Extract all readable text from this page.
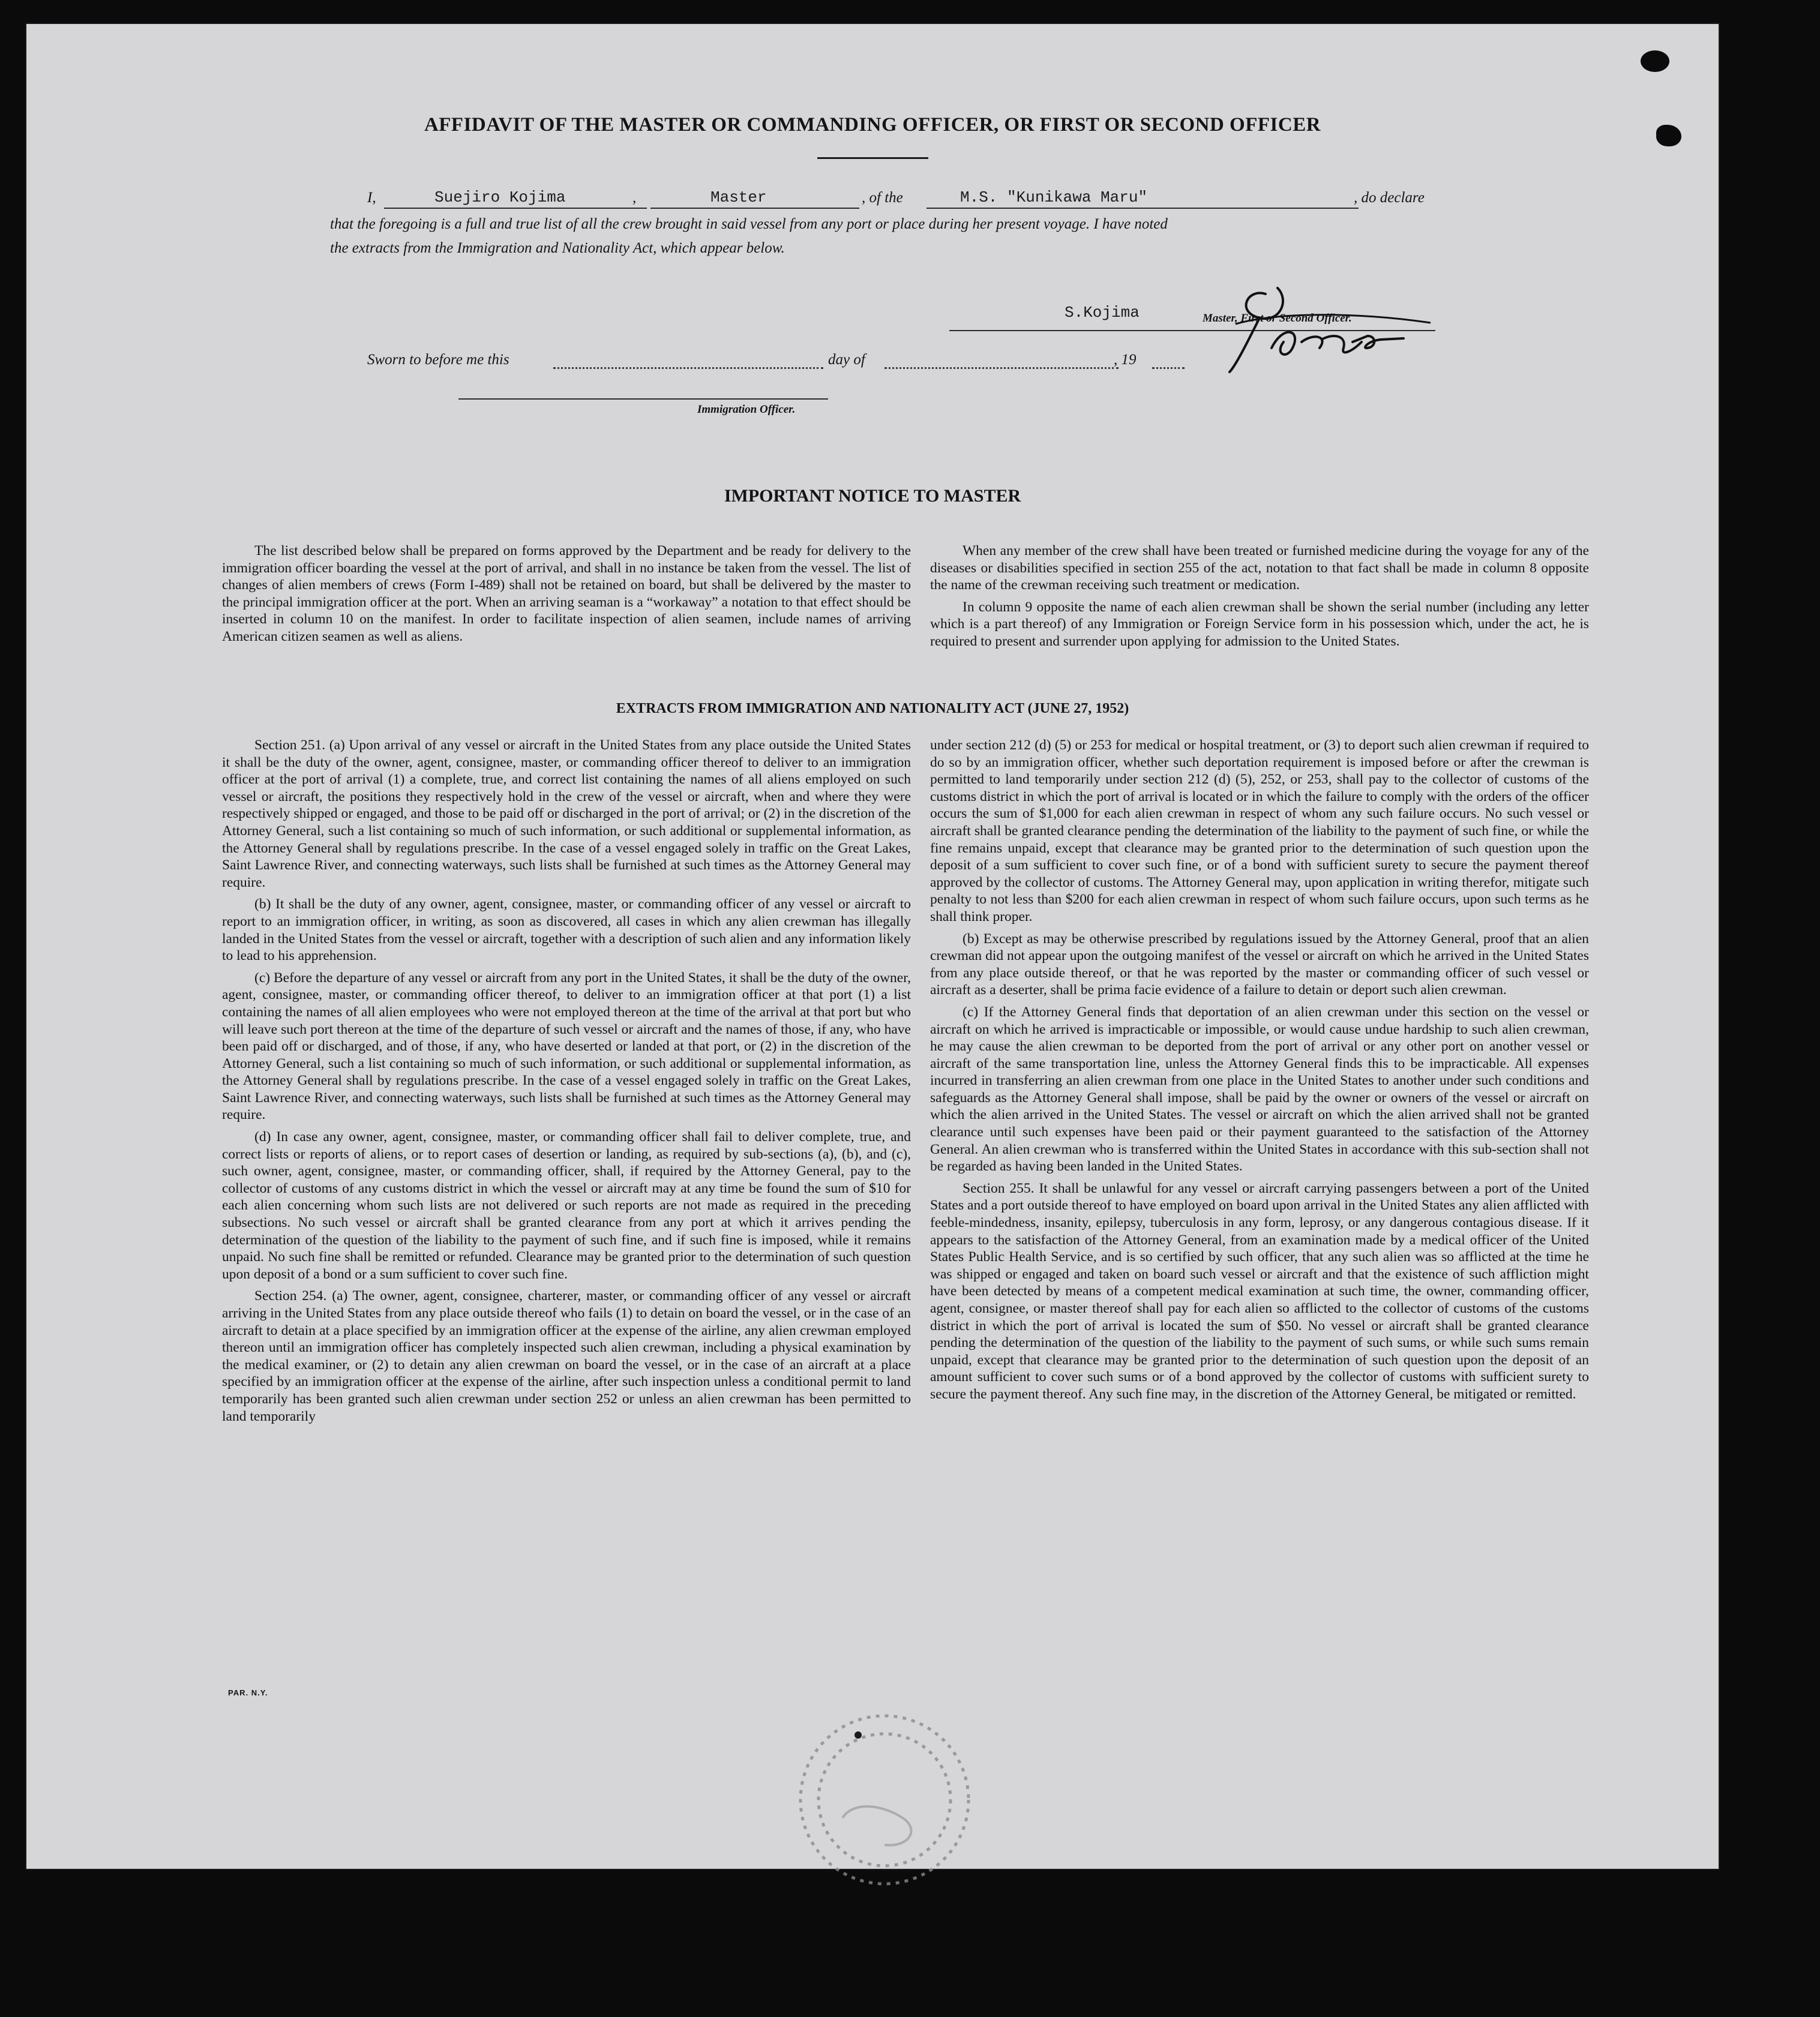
AFFIDAVIT OF THE MASTER OR COMMANDING OFFICER, OR FIRST OR SECOND OFFICER
I,	Suejiro Kojima	,	Master	, of the	M.S. "Kunikawa Maru"	, do declare
that the foregoing is a full and true list of all the crew brought in said vessel from any port or place during her present voyage. I have noted
the extracts from the Immigration and Nationality Act, which appear below.
S.Kojima	Master, First or Second Officer.
Sworn to before me this	day of	, 19
Immigration Officer.
IMPORTANT NOTICE TO MASTER

The list described below shall be prepared on forms approved by the Department and be ready for delivery to the immigration officer boarding the vessel at the port of arrival, and shall in no instance be taken from the vessel. The list of changes of alien members of crews (Form I-489) shall not be retained on board, but shall be delivered by the master to the principal immigration officer at the port. When an arriving seaman is a “workaway” a notation to that effect should be inserted in column 10 on the manifest. In order to facilitate inspection of alien seamen, include names of arriving American citizen seamen as well as aliens.

When any member of the crew shall have been treated or furnished medicine during the voyage for any of the diseases or disabilities specified in section 255 of the act, notation to that fact shall be made in column 8 opposite the name of the crewman receiving such treatment or medication.

In column 9 opposite the name of each alien crewman shall be shown the serial number (including any letter which is a part thereof) of any Immigration or Foreign Service form in his possession which, under the act, he is required to present and surrender upon applying for admission to the United States.

EXTRACTS FROM IMMIGRATION AND NATIONALITY ACT (JUNE 27, 1952)

Section 251. (a) Upon arrival of any vessel or aircraft in the United States from any place outside the United States it shall be the duty of the owner, agent, consignee, master, or commanding officer thereof to deliver to an immigration officer at the port of arrival (1) a complete, true, and correct list containing the names of all aliens employed on such vessel or aircraft, the positions they respectively hold in the crew of the vessel or aircraft, when and where they were respectively shipped or engaged, and those to be paid off or discharged in the port of arrival; or (2) in the discretion of the Attorney General, such a list containing so much of such information, or such additional or supplemental information, as the Attorney General shall by regulations prescribe. In the case of a vessel engaged solely in traffic on the Great Lakes, Saint Lawrence River, and connecting waterways, such lists shall be furnished at such times as the Attorney General may require.

(b) It shall be the duty of any owner, agent, consignee, master, or commanding officer of any vessel or aircraft to report to an immigration officer, in writing, as soon as discovered, all cases in which any alien crewman has illegally landed in the United States from the vessel or aircraft, together with a description of such alien and any information likely to lead to his apprehension.

(c) Before the departure of any vessel or aircraft from any port in the United States, it shall be the duty of the owner, agent, consignee, master, or commanding officer thereof, to deliver to an immigration officer at that port (1) a list containing the names of all alien employees who were not employed thereon at the time of the arrival at that port but who will leave such port thereon at the time of the departure of such vessel or aircraft and the names of those, if any, who have been paid off or discharged, and of those, if any, who have deserted or landed at that port, or (2) in the discretion of the Attorney General, such a list containing so much of such information, or such additional or supplemental information, as the Attorney General shall by regulations prescribe. In the case of a vessel engaged solely in traffic on the Great Lakes, Saint Lawrence River, and connecting waterways, such lists shall be furnished at such times as the Attorney General may require.

(d) In case any owner, agent, consignee, master, or commanding officer shall fail to deliver complete, true, and correct lists or reports of aliens, or to report cases of desertion or landing, as required by sub-sections (a), (b), and (c), such owner, agent, consignee, master, or commanding officer, shall, if required by the Attorney General, pay to the collector of customs of any customs district in which the vessel or aircraft may at any time be found the sum of $10 for each alien concerning whom such lists are not delivered or such reports are not made as required in the preceding subsections. No such vessel or aircraft shall be granted clearance from any port at which it arrives pending the determination of the question of the liability to the payment of such fine, and if such fine is imposed, while it remains unpaid. No such fine shall be remitted or refunded. Clearance may be granted prior to the determination of such question upon deposit of a bond or a sum sufficient to cover such fine.

Section 254. (a) The owner, agent, consignee, charterer, master, or commanding officer of any vessel or aircraft arriving in the United States from any place outside thereof who fails (1) to detain on board the vessel, or in the case of an aircraft to detain at a place specified by an immigration officer at the expense of the airline, any alien crewman employed thereon until an immigration officer has completely inspected such alien crewman, including a physical examination by the medical examiner, or (2) to detain any alien crewman on board the vessel, or in the case of an aircraft at a place specified by an immigration officer at the expense of the airline, after such inspection unless a conditional permit to land temporarily has been granted such alien crewman under section 252 or unless an alien crewman has been permitted to land temporarily

under section 212 (d) (5) or 253 for medical or hospital treatment, or (3) to deport such alien crewman if required to do so by an immigration officer, whether such deportation requirement is imposed before or after the crewman is permitted to land temporarily under section 212 (d) (5), 252, or 253, shall pay to the collector of customs of the customs district in which the port of arrival is located or in which the failure to comply with the orders of the officer occurs the sum of $1,000 for each alien crewman in respect of whom any such failure occurs. No such vessel or aircraft shall be granted clearance pending the determination of the liability to the payment of such fine, or while the fine remains unpaid, except that clearance may be granted prior to the determination of such question upon the deposit of a sum sufficient to cover such fine, or of a bond with sufficient surety to secure the payment thereof approved by the collector of customs. The Attorney General may, upon application in writing therefor, mitigate such penalty to not less than $200 for each alien crewman in respect of whom such failure occurs, upon such terms as he shall think proper.

(b) Except as may be otherwise prescribed by regulations issued by the Attorney General, proof that an alien crewman did not appear upon the outgoing manifest of the vessel or aircraft on which he arrived in the United States from any place outside thereof, or that he was reported by the master or commanding officer of such vessel or aircraft as a deserter, shall be prima facie evidence of a failure to detain or deport such alien crewman.

(c) If the Attorney General finds that deportation of an alien crewman under this section on the vessel or aircraft on which he arrived is impracticable or impossible, or would cause undue hardship to such alien crewman, he may cause the alien crewman to be deported from the port of arrival or any other port on another vessel or aircraft of the same transportation line, unless the Attorney General finds this to be impracticable. All expenses incurred in transferring an alien crewman from one place in the United States to another under such conditions and safeguards as the Attorney General shall impose, shall be paid by the owner or owners of the vessel or aircraft on which the alien arrived in the United States. The vessel or aircraft on which the alien arrived shall not be granted clearance until such expenses have been paid or their payment guaranteed to the satisfaction of the Attorney General. An alien crewman who is transferred within the United States in accordance with this sub-section shall not be regarded as having been landed in the United States.

Section 255. It shall be unlawful for any vessel or aircraft carrying passengers between a port of the United States and a port outside thereof to have employed on board upon arrival in the United States any alien afflicted with feeble-mindedness, insanity, epilepsy, tuberculosis in any form, leprosy, or any dangerous contagious disease. If it appears to the satisfaction of the Attorney General, from an examination made by a medical officer of the United States Public Health Service, and is so certified by such officer, that any such alien was so afflicted at the time he was shipped or engaged and taken on board such vessel or aircraft and that the existence of such affliction might have been detected by means of a competent medical examination at such time, the owner, commanding officer, agent, consignee, or master thereof shall pay for each alien so afflicted to the collector of customs of the customs district in which the port of arrival is located the sum of $50. No vessel or aircraft shall be granted clearance pending the determination of the question of the liability to the payment of such sums, or while such sums remain unpaid, except that clearance may be granted prior to the determination of such question upon the deposit of an amount sufficient to cover such sums or of a bond approved by the collector of customs with sufficient surety to secure the payment thereof. Any such fine may, in the discretion of the Attorney General, be mitigated or remitted.

PAR. N.Y.
